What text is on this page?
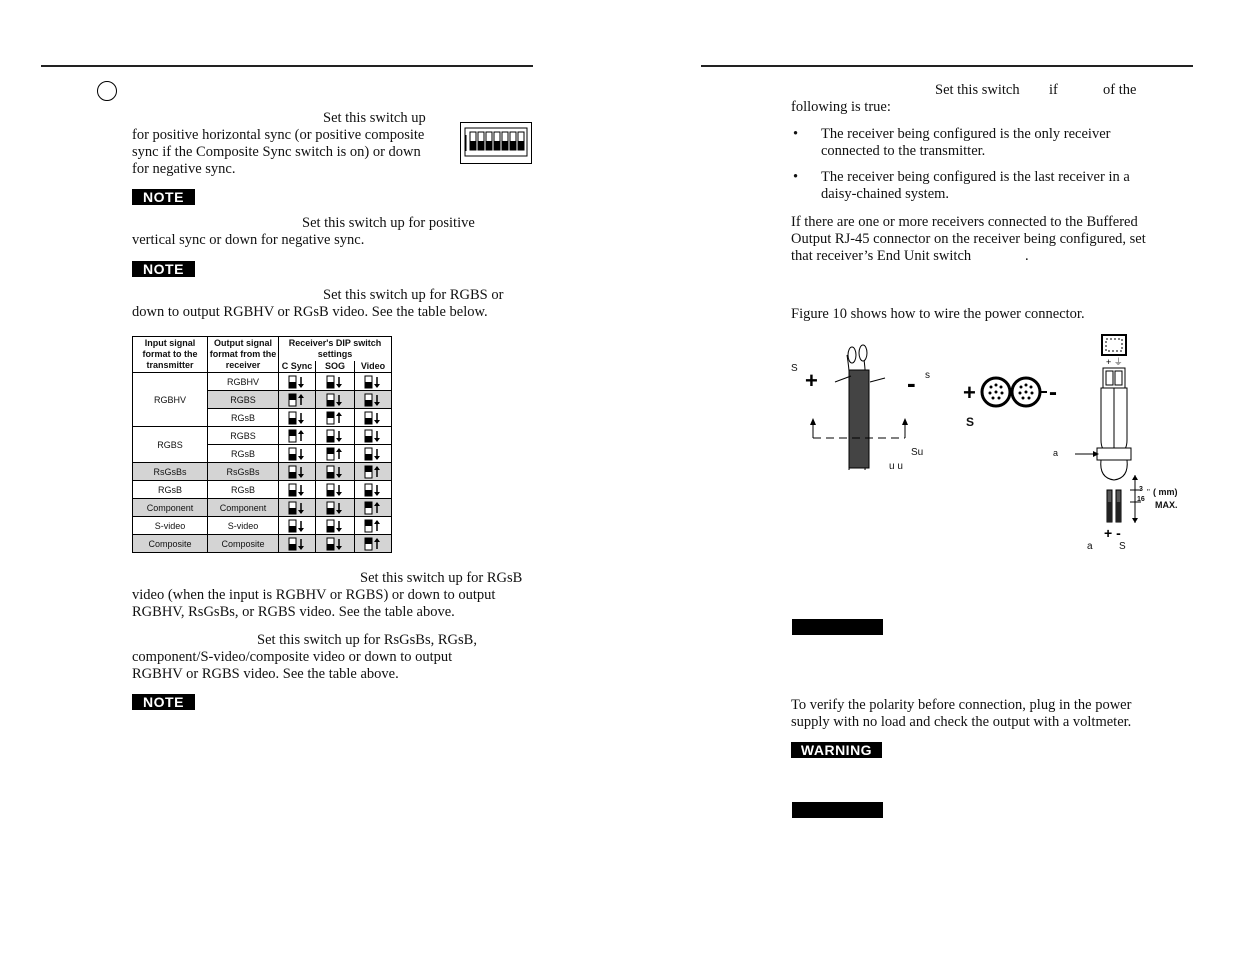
Set this switch up
for positive horizontal sync (or positive composite
sync if the Composite Sync switch is on) or down
for negative sync.
NOTE
Set this switch up for positive
vertical sync or down for negative sync.
NOTE
Set this switch up for RGBS or
down to output RGBHV or RGsB video. See the table below.
Input signal format to the transmitter	Output signal format from the receiver	Receiver's DIP switch settings		
		C Sync	SOG	Video
RGBHV	RGBHV			
	RGBS			
	RGsB			
RGBS	RGBS			
	RGsB			
RsGsBs	RsGsBs			
RGsB	RGsB			
Component	Component			
S-video	S-video			
Composite	Composite			
Set this switch up for RGsB
video (when the input is RGBHV or RGBS) or down to output
RGBHV, RsGsBs, or RGBS video. See the table above.
Set this switch up for RsGsBs, RGsB,
component/S-video/composite video or down to output
RGBHV or RGBS video. See the table above.
NOTE
Set this switch if	of the
following is true:
• The receiver being configured is the only receiver
connected to the transmitter.
• The receiver being configured is the last receiver in a
daisy-chained system.
If there are one or more receivers connected to the Buffered
Output RJ-45 connector on the receiver being configured, set
that receiver’s End Unit switch	.
Figure 10 shows how to wire the power connector.
+	- +	-
+ ⏚
+ -
S
s
Su
u u
S
a
3
16
" ( mm)
MAX.
a	S
To verify the polarity before connection, plug in the power
supply with no load and check the output with a voltmeter.
WARNING
